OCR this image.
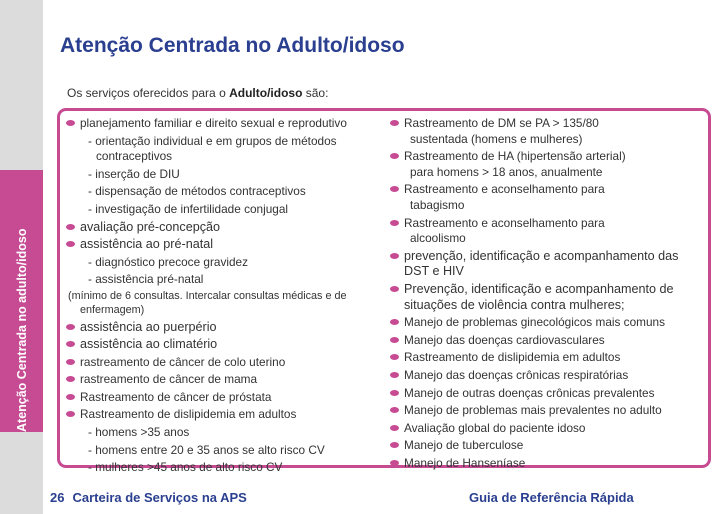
Atenção Centrada no adulto/idoso
Atenção Centrada no Adulto/idoso
Os serviços oferecidos para o Adulto/idoso são:
planejamento familiar e direito sexual e reprodutivo
- orientação individual e em grupos de métodos
contraceptivos
- inserção de DIU
- dispensação de métodos contraceptivos
- investigação de infertilidade conjugal
avaliação pré-concepção
assistência ao pré-natal
- diagnóstico precoce gravidez
- assistência pré-natal
(mínimo de 6 consultas. Intercalar consultas médicas e de
enfermagem)
assistência ao puerpério
assistência ao climatério
rastreamento de câncer de colo uterino
rastreamento de câncer de mama
Rastreamento de câncer de próstata
Rastreamento de dislipidemia em adultos
- homens >35 anos
- homens entre 20 e 35 anos se alto risco CV
- mulheres >45 anos de alto risco CV
Rastreamento de DM se PA > 135/80
sustentada (homens e mulheres)
Rastreamento de HA (hipertensão arterial)
para homens > 18 anos, anualmente
Rastreamento e aconselhamento para
tabagismo
Rastreamento e aconselhamento para
alcoolismo
prevenção, identificação e acompanhamento das
DST e HIV
Prevenção, identificação e acompanhamento de
situações de violência contra mulheres;
Manejo de problemas ginecológicos mais comuns
Manejo das doenças cardiovasculares
Rastreamento de dislipidemia em adultos
Manejo das doenças crônicas respiratórias
Manejo de outras doenças crônicas prevalentes
Manejo de problemas mais prevalentes no adulto
Avaliação global do paciente idoso
Manejo de tuberculose
Manejo de Hanseníase
26 Carteira de Serviços na APS	Guia de Referência Rápida
